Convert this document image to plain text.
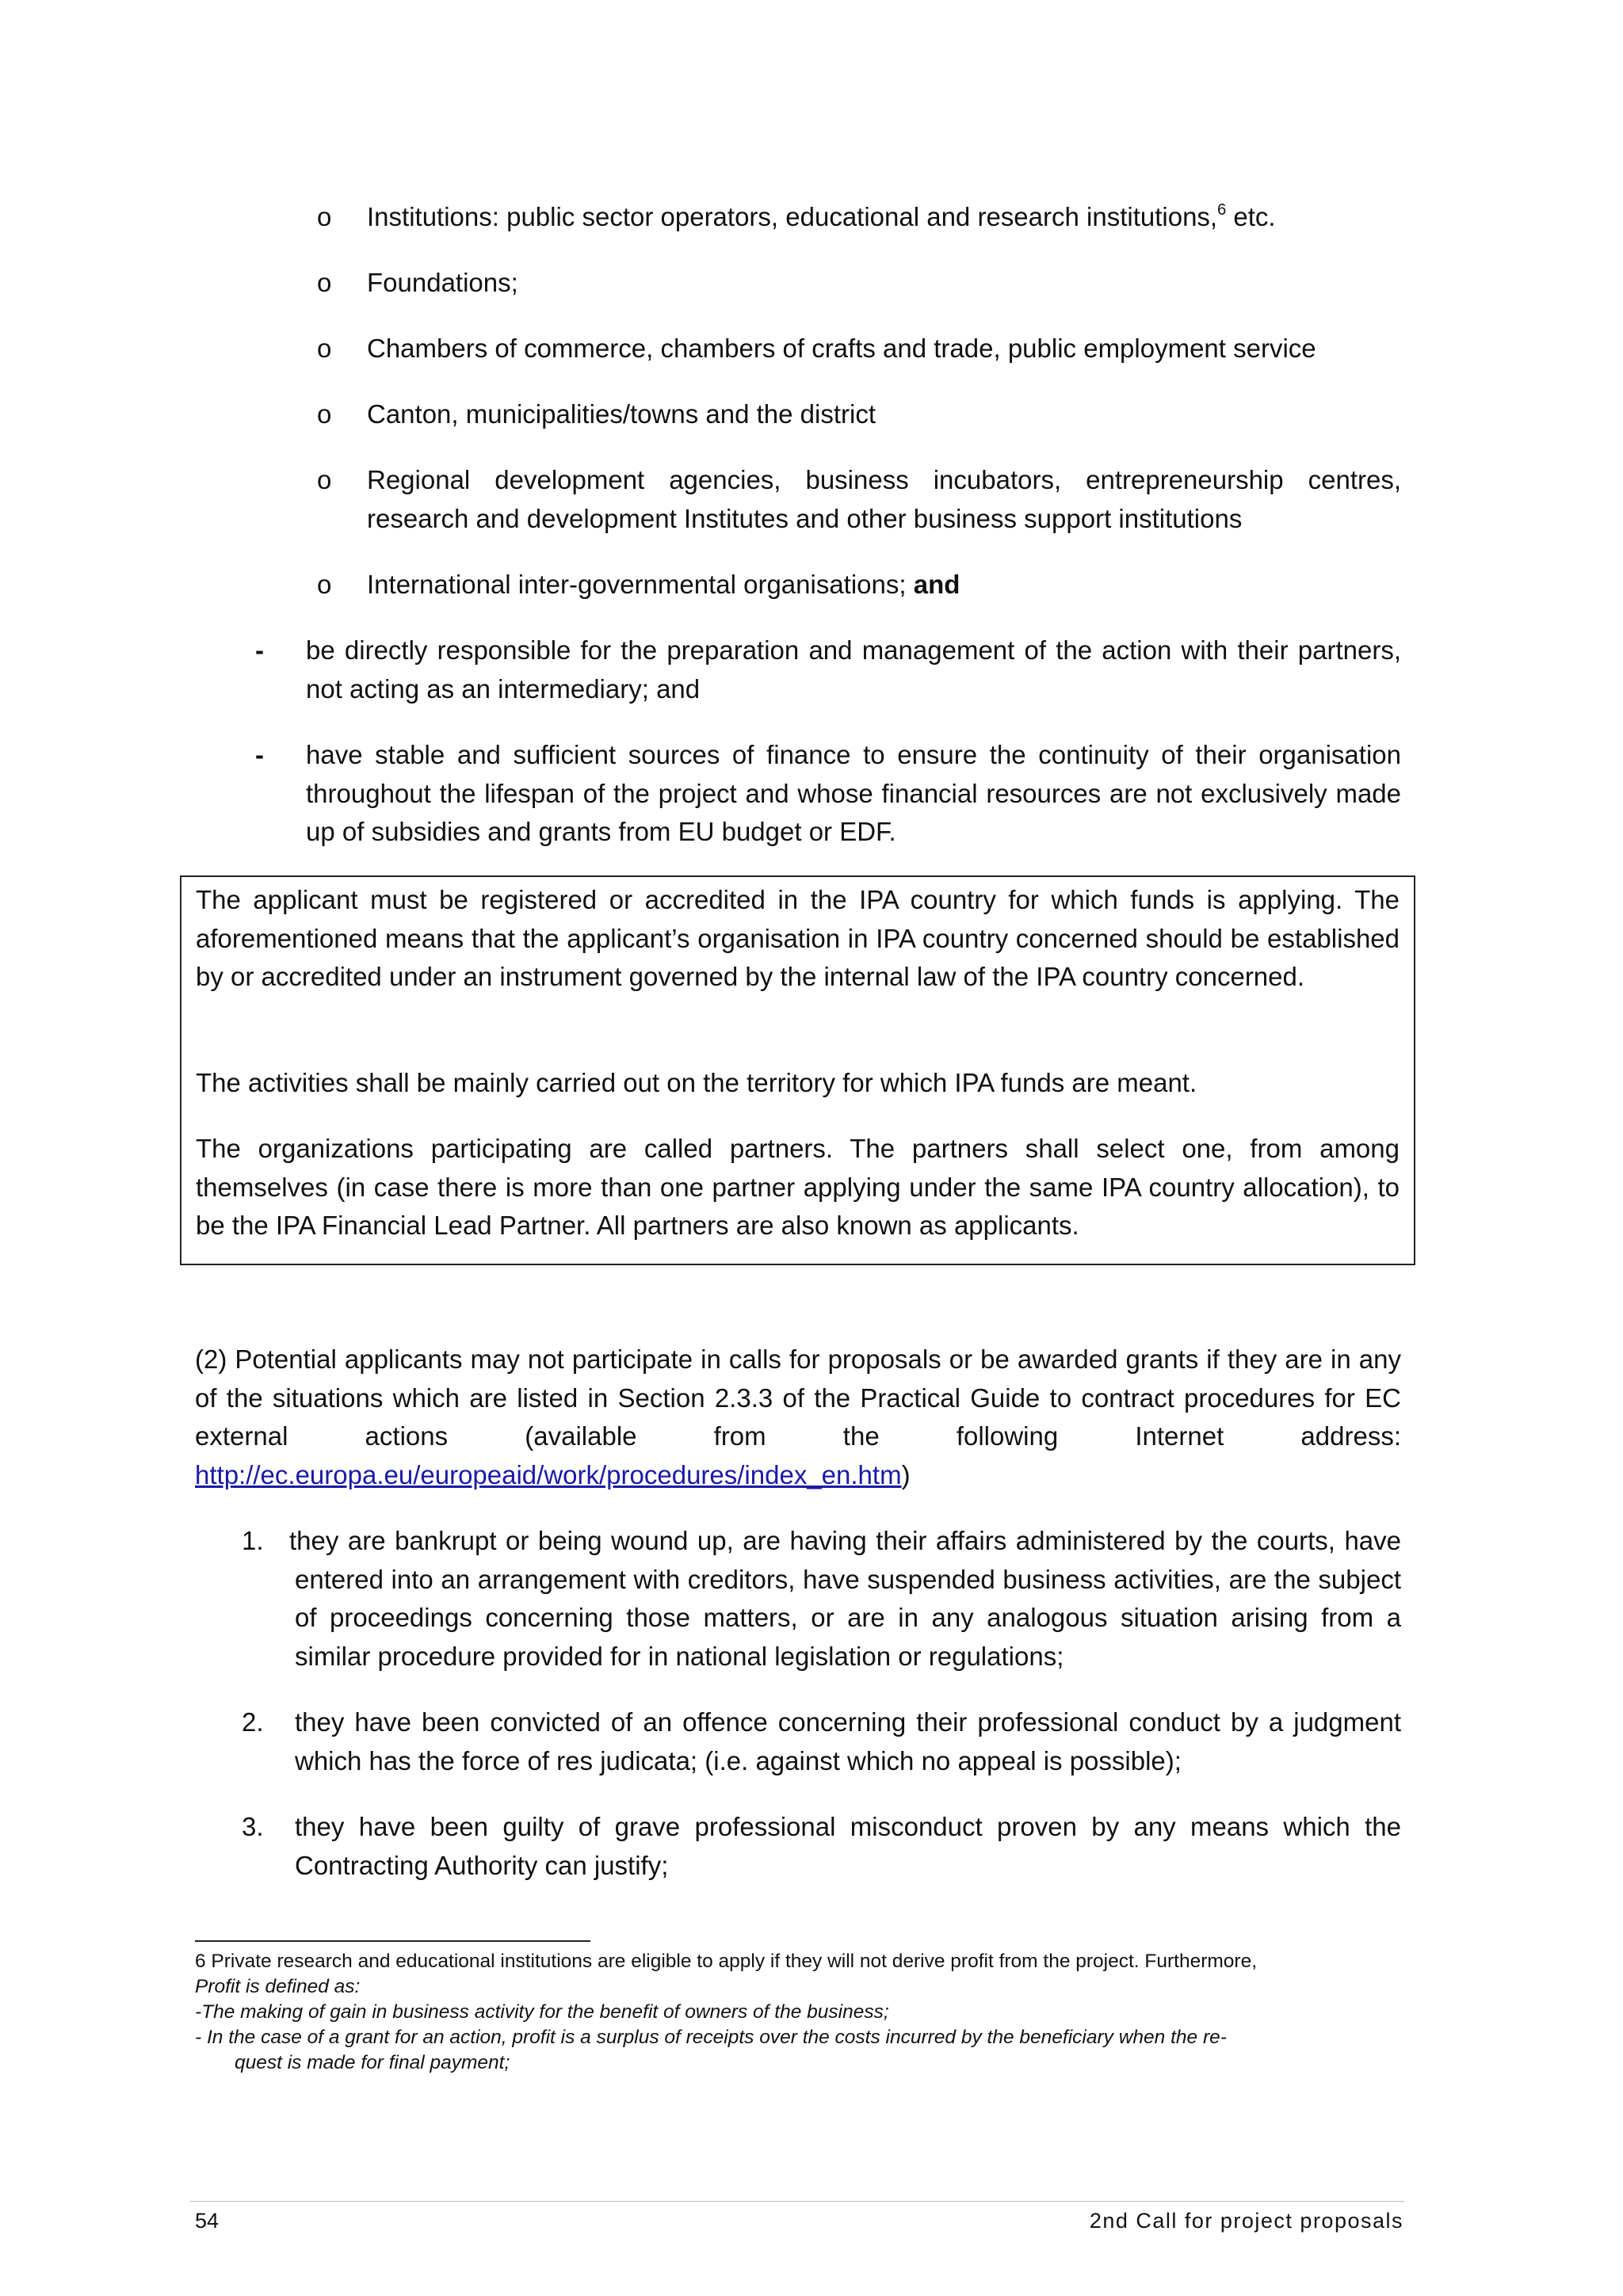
o	Institutions: public sector operators, educational and research institutions,$^6$ etc.
o	Foundations;
o	Chambers of commerce, chambers of crafts and trade, public employment service
o	Canton, municipalities/towns and the district
o	Regional development agencies, business incubators, entrepreneurship centres, research and development Institutes and other business support institutions
o	International inter-governmental organisations; and
- be directly responsible for the preparation and management of the action with their partners, not acting as an intermediary; and
- have stable and sufficient sources of finance to ensure the continuity of their organisation throughout the lifespan of the project and whose financial resources are not exclusively made up of subsidies and grants from EU budget or EDF.

The applicant must be registered or accredited in the IPA country for which funds is applying. The aforementioned means that the applicant’s organisation in IPA country concerned should be established by or accredited under an instrument governed by the internal law of the IPA country concerned.

The activities shall be mainly carried out on the territory for which IPA funds are meant.

The organizations participating are called partners. The partners shall select one, from among themselves (in case there is more than one partner applying under the same IPA country allocation), to be the IPA Financial Lead Partner. All partners are also known as applicants.

(2) Potential applicants may not participate in calls for proposals or be awarded grants if they are in any of the situations which are listed in Section 2.3.3 of the Practical Guide to contract procedures for EC external actions (available from the following Internet address: http://ec.europa.eu/europeaid/work/procedures/index_en.htm)

1. they are bankrupt or being wound up, are having their affairs administered by the courts, have entered into an arrangement with creditors, have suspended business activities, are the subject of proceedings concerning those matters, or are in any analogous situation arising from a similar procedure provided for in national legislation or regulations;
2. they have been convicted of an offence concerning their professional conduct by a judgment which has the force of res judicata; (i.e. against which no appeal is possible);
3. they have been guilty of grave professional misconduct proven by any means which the Contracting Authority can justify;
6 Private research and educational institutions are eligible to apply if they will not derive profit from the project. Furthermore,
Profit is defined as:
-The making of gain in business activity for the benefit of owners of the business;
- In the case of a grant for an action, profit is a surplus of receipts over the costs incurred by the beneficiary when the re-
quest is made for final payment;
54	2nd Call for project proposals
